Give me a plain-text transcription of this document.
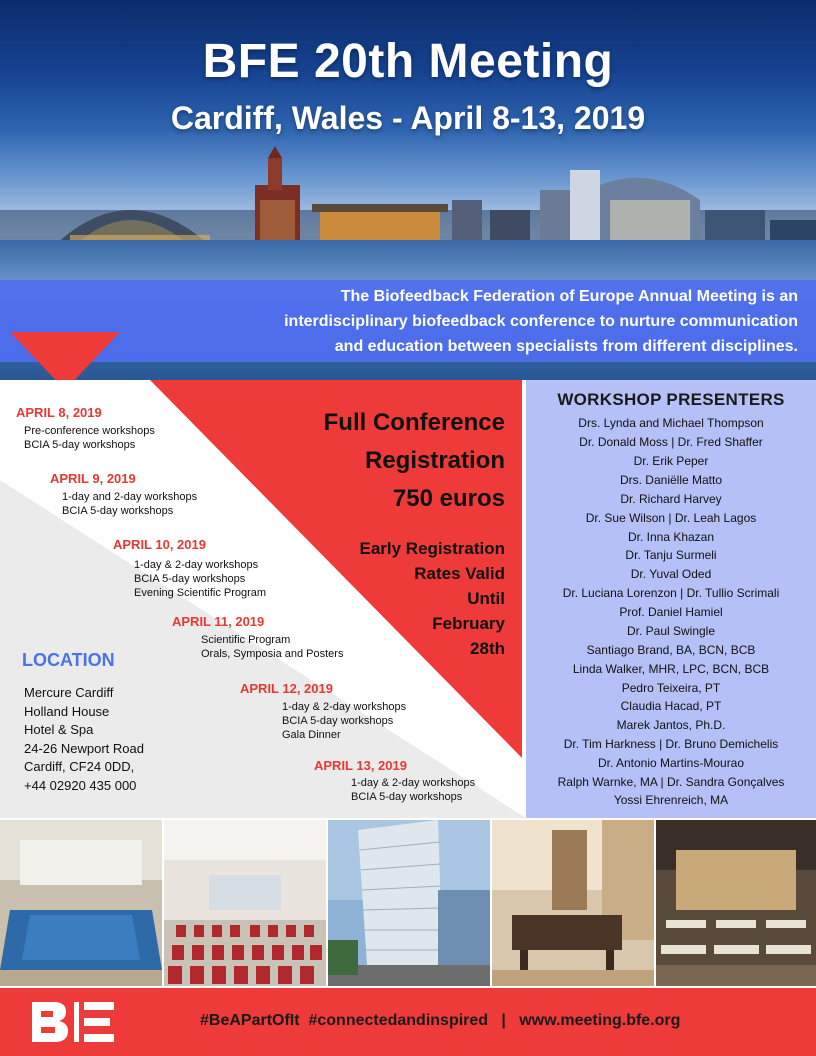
BFE 20th Meeting
Cardiff, Wales - April 8-13, 2019
The Biofeedback Federation of Europe Annual Meeting is an
interdisciplinary biofeedback conference to nurture communication
and education between specialists from different disciplines.
APRIL 8, 2019
Pre-conference workshops
BCIA 5-day workshops
APRIL 9, 2019
1-day and 2-day workshops
BCIA 5-day workshops
APRIL 10, 2019
1-day & 2-day workshops
BCIA 5-day workshops
Evening Scientific Program
APRIL 11, 2019
Scientific Program
Orals, Symposia and Posters
APRIL 12, 2019
1-day & 2-day workshops
BCIA 5-day workshops
Gala Dinner
APRIL 13, 2019
1-day & 2-day workshops
BCIA 5-day workshops
Full Conference
Registration
750 euros
Early Registration
Rates Valid
Until
February
28th
LOCATION
Mercure Cardiff
Holland House
Hotel & Spa
24-26 Newport Road
Cardiff, CF24 0DD,
+44 02920 435 000
WORKSHOP PRESENTERS
Drs. Lynda and Michael Thompson
Dr. Donald Moss | Dr. Fred Shaffer
Dr. Erik Peper
Drs. Daniëlle Matto
Dr. Richard Harvey
Dr. Sue Wilson | Dr. Leah Lagos
Dr. Inna Khazan
Dr. Tanju Surmeli
Dr. Yuval Oded
Dr. Luciana Lorenzon | Dr. Tullio Scrimali
Prof. Daniel Hamiel
Dr. Paul Swingle
Santiago Brand, BA, BCN, BCB
Linda Walker, MHR, LPC, BCN, BCB
Pedro Teixeira, PT
Claudia Hacad, PT
Marek Jantos, Ph.D.
Dr. Tim Harkness | Dr. Bruno Demichelis
Dr. Antonio Martins-Mourao
Ralph Warnke, MA | Dr. Sandra Gonçalves
Yossi Ehrenreich, MA
#BeAPartOfIt  #connectedandinspired   |   www.meeting.bfe.org
